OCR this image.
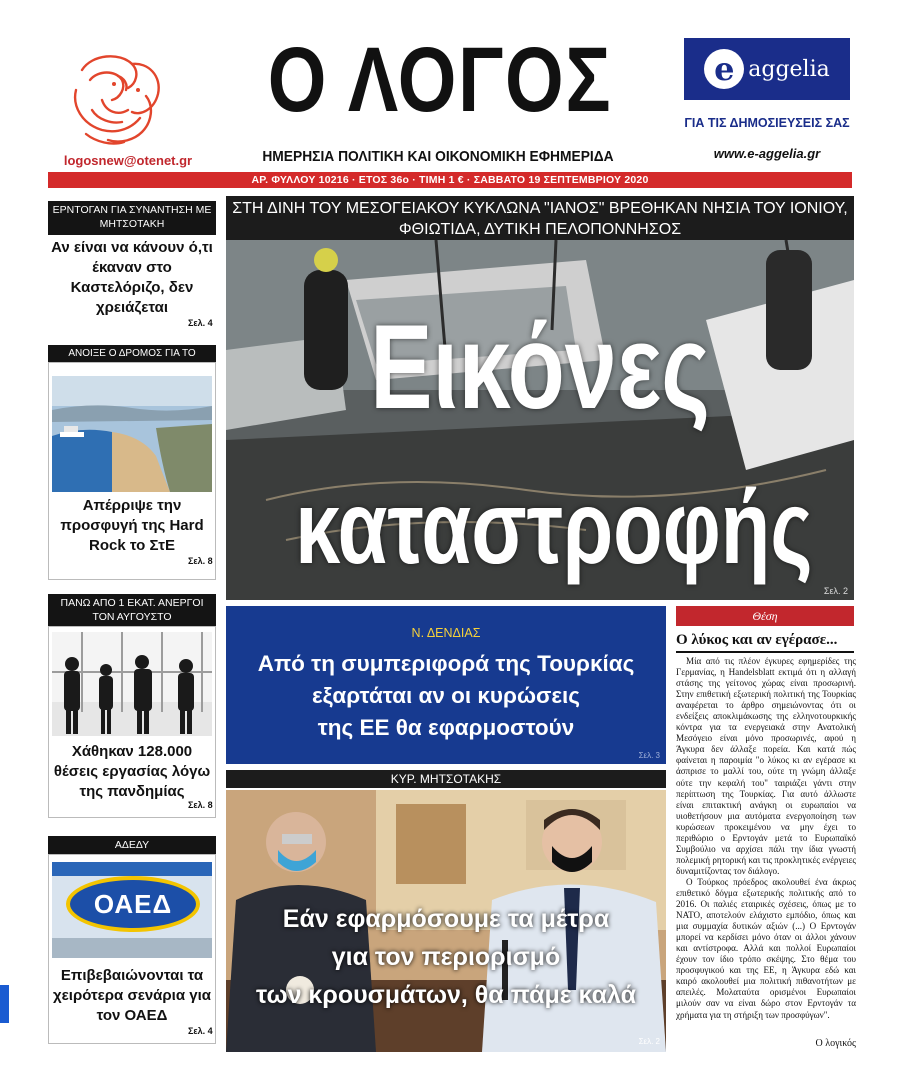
logosnew@otenet.gr
Ο ΛΟΓΟΣ
ΗΜΕΡΗΣΙΑ ΠΟΛΙΤΙΚΗ ΚΑΙ ΟΙΚΟΝΟΜΙΚΗ ΕΦΗΜΕΡΙΔΑ
e aggelia
ΓΙΑ ΤΙΣ ΔΗΜΟΣΙΕΥΣΕΙΣ ΣΑΣ
www.e-aggelia.gr
ΑΡ. ΦΥΛΛΟΥ 10216 · ΕΤΟΣ 36ο · ΤΙΜΗ 1 € · ΣΑΒΒΑΤΟ 19 ΣΕΠΤΕΜΒΡΙΟΥ 2020
ΕΡΝΤΟΓΑΝ ΓΙΑ ΣΥΝΑΝΤΗΣΗ ΜΕ ΜΗΤΣΟΤΑΚΗ
Αν είναι να κάνουν ό,τι έκαναν στο Καστελόριζο, δεν χρειάζεται
Σελ. 4
ΑΝΟΙΞΕ Ο ΔΡΟΜΟΣ ΓΙΑ ΤΟ ΚΑΖΙΝΟ
Απέρριψε την προσφυγή της Hard Rock το ΣτΕ
Σελ. 8
ΠΑΝΩ ΑΠΟ 1 ΕΚΑΤ. ΑΝΕΡΓΟΙ ΤΟΝ ΑΥΓΟΥΣΤΟ
Χάθηκαν 128.000 θέσεις εργασίας λόγω της πανδημίας
Σελ. 8
ΑΔΕΔΥ
ΟΑΕΔ
Επιβεβαιώνονται τα χειρότερα σενάρια για τον ΟΑΕΔ
Σελ. 4
ΣΤΗ ΔΙΝΗ ΤΟΥ ΜΕΣΟΓΕΙΑΚΟΥ ΚΥΚΛΩΝΑ "ΙΑΝΟΣ" ΒΡΕΘΗΚΑΝ ΝΗΣΙΑ ΤΟΥ ΙΟΝΙΟΥ, ΦΘΙΩΤΙΔΑ, ΔΥΤΙΚΗ ΠΕΛΟΠΟΝΝΗΣΟΣ
Εικόνες
καταστροφής
Σελ. 2
Ν. ΔΕΝΔΙΑΣ
Από τη συμπεριφορά της Τουρκίας
εξαρτάται αν οι κυρώσεις
της ΕΕ θα εφαρμοστούν
Σελ. 3
ΚΥΡ. ΜΗΤΣΟΤΑΚΗΣ
Εάν εφαρμόσουμε τα μέτρα
για τον περιορισμό
των κρουσμάτων, θα πάμε καλά
Σελ. 2
Θέση
Ο λύκος και αν εγέρασε...

Μία από τις πλέον έγκυρες εφημερίδες της Γερμανίας, η Handelsblatt εκτιμά ότι η αλλαγή στάσης της γείτονος χώρας είναι προσωρινή. Στην επιθετική εξωτερική πολιτική της Τουρκίας αναφέρεται το άρθρο σημειώνοντας ότι οι ενδείξεις αποκλιμάκωσης της ελληνοτουρκικής κόντρα για τα ενεργειακά στην Ανατολική Μεσόγειο είναι μόνο προσωρινές, αφού η Άγκυρα δεν άλλαξε πορεία. Και κατά πώς φαίνεται η παροιμία "ο λύκος κι αν εγέρασε κι άσπρισε το μαλλί του, ούτε τη γνώμη άλλαξε ούτε την κεφαλή του" ταιριάζει γάντι στην περίπτωση της Τουρκίας. Για αυτό άλλωστε είναι επιτακτική ανάγκη οι ευρωπαίοι να υιοθετήσουν μια αυτόματα ενεργοποίηση των κυρώσεων προκειμένου να μην έχει το περιθώριο ο Ερντογάν μετά το Ευρωπαϊκό Συμβούλιο να αρχίσει πάλι την ίδια γνωστή πολεμική ρητορική και τις προκλητικές ενέργειες δυναμιτίζοντας τον διάλογο.

Ο Τούρκος πρόεδρος ακολουθεί ένα άκρως επιθετικό δόγμα εξωτερικής πολιτικής από το 2016. Οι παλιές εταιρικές σχέσεις, όπως με το ΝΑΤΟ, αποτελούν ελάχιστο εμπόδιο, όπως και μια συμμαχία δυτικών αξιών (...) Ο Ερντογάν μπορεί να κερδίσει μόνο όταν οι άλλοι χάνουν και αντίστροφα. Αλλά και πολλοί Ευρωπαίοι έχουν τον ίδιο τρόπο σκέψης. Στο θέμα του προσφυγικού και της ΕΕ, η Άγκυρα εδώ και καιρό ακολουθεί μια πολιτική πιθανοτήτων με απειλές. Μολαταύτα ορισμένοι Ευρωπαίοι μιλούν σαν να είναι δώρο στον Ερντογάν τα χρήματα για τη στήριξη των προσφύγων".

Ο λογικός
